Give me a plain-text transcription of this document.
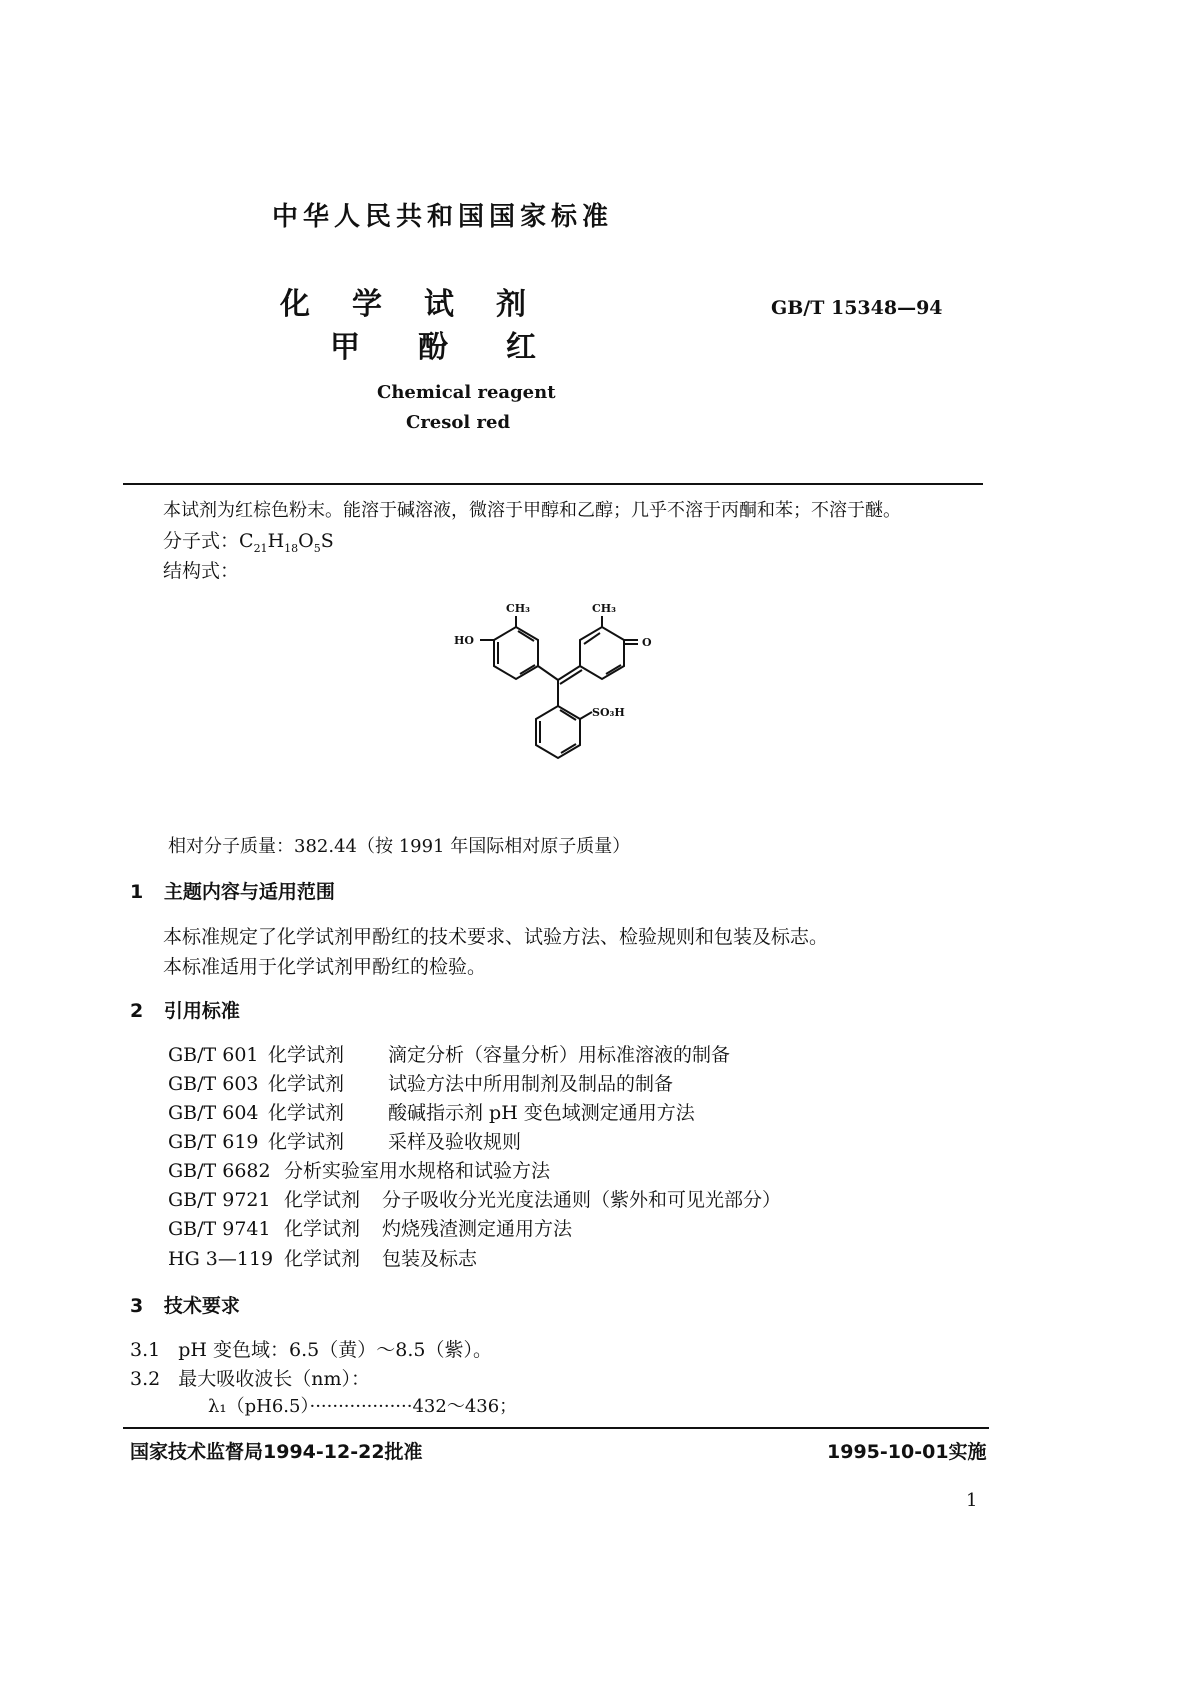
中华人民共和国国家标准
化学试剂
甲酚红
GB/T 15348—94
Chemical reagent
Cresol red
本试剂为红棕色粉末。能溶于碱溶液，微溶于甲醇和乙醇；几乎不溶于丙酮和苯；不溶于醚。
分子式：$C_{21}H_{18}O_5S$
结构式：
CH₃	CH₃
HO	O
SO₃H
相对分子质量：382.44（按 1991 年国际相对原子质量）
1 主题内容与适用范围
本标准规定了化学试剂甲酚红的技术要求、试验方法、检验规则和包装及标志。
本标准适用于化学试剂甲酚红的检验。
2 引用标准
GB/T 601 化学试剂 滴定分析（容量分析）用标准溶液的制备
GB/T 603 化学试剂 试验方法中所用制剂及制品的制备
GB/T 604 化学试剂 酸碱指示剂 pH 变色域测定通用方法
GB/T 619 化学试剂 采样及验收规则
GB/T 6682 分析实验室用水规格和试验方法
GB/T 9721 化学试剂 分子吸收分光光度法通则（紫外和可见光部分）
GB/T 9741 化学试剂 灼烧残渣测定通用方法
HG 3—119 化学试剂 包装及标志
3 技术要求
3.1 pH 变色域：6.5（黄）～8.5（紫）。
3.2 最大吸收波长（nm）：
λ₁（pH6.5）··················432～436；
国家技术监督局1994-12-22批准	1995-10-01实施
1
